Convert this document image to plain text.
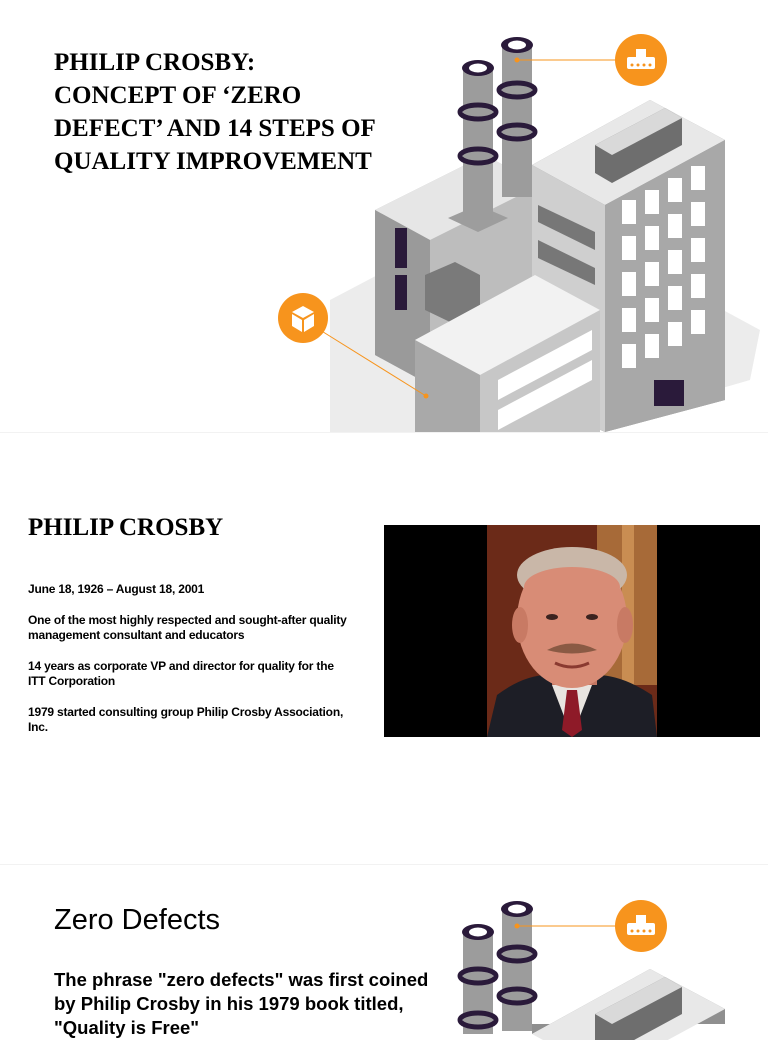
PHILIP CROSBY:
CONCEPT OF ‘ZERO
DEFECT’ AND 14 STEPS OF
QUALITY IMPROVEMENT
PHILIP CROSBY

June 18, 1926 – August 18, 2001

One of the most highly respected and sought-after quality management consultant and educators

14 years as corporate VP and director for quality for the ITT Corporation

1979 started consulting group Philip Crosby Association, Inc.

Zero Defects

The phrase "zero defects" was first coined by Philip Crosby in his 1979 book titled, "Quality is Free"
